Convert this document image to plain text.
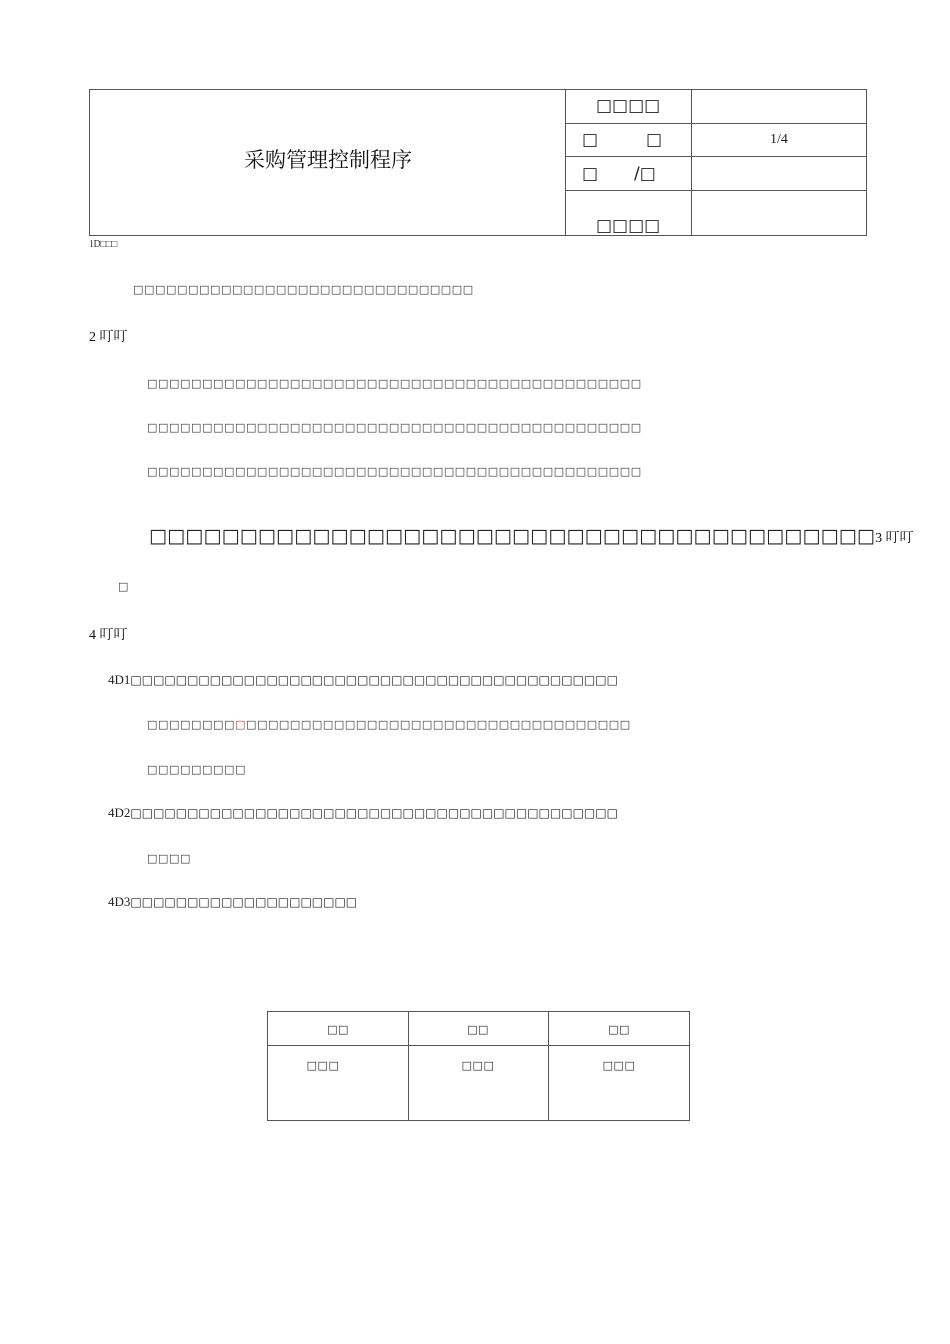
采购管理控制程序
□□□□
□	□	1/4
□ /□
□□□□
1D□□□
□□□□□□□□□□□□□□□□□□□□□□□□□□□□□□□
2 叮叮
□□□□□□□□□□□□□□□□□□□□□□□□□□□□□□□□□□□□□□□□□□□□□
□□□□□□□□□□□□□□□□□□□□□□□□□□□□□□□□□□□□□□□□□□□□□
□□□□□□□□□□□□□□□□□□□□□□□□□□□□□□□□□□□□□□□□□□□□□
□□□□□□□□□□□□□□□□□□□□□□□□□□□□□□□□□□□□□□□□3 叮叮
□
4 叮叮
4D1□□□□□□□□□□□□□□□□□□□□□□□□□□□□□□□□□□□□□□□□□□□
□□□□□□□□□□□□□□□□□□□□□□□□□□□□□□□□□□□□□□□□□□□□
□□□□□□□□□
4D2□□□□□□□□□□□□□□□□□□□□□□□□□□□□□□□□□□□□□□□□□□□
□□□□
4D3□□□□□□□□□□□□□□□□□□□□
□□	□□	□□
□□□	□□□	□□□
